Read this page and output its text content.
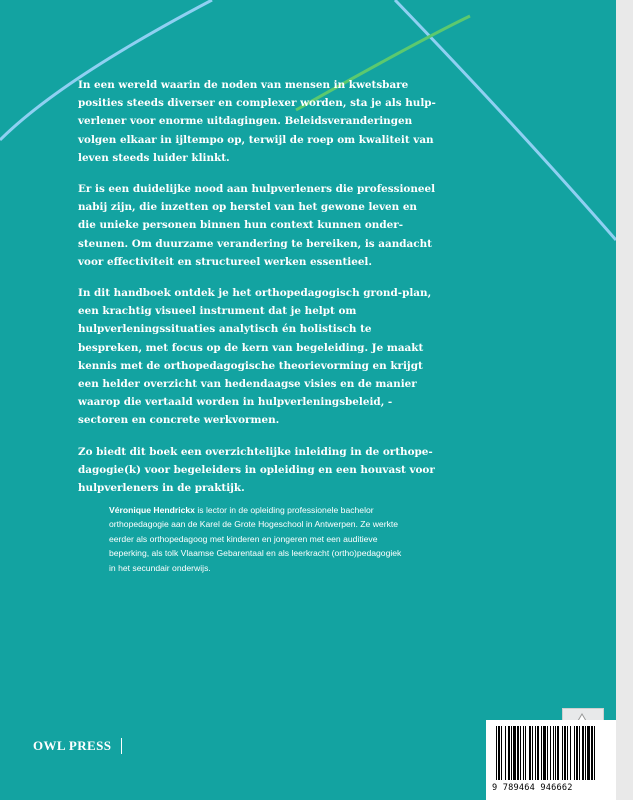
In een wereld waarin de noden van mensen in kwetsbare posities steeds diverser en complexer worden, sta je als hulp-verlener voor enorme uitdagingen. Beleidsveranderingen volgen elkaar in ijltempo op, terwijl de roep om kwaliteit van leven steeds luider klinkt.

Er is een duidelijke nood aan hulpverleners die professioneel nabij zijn, die inzetten op herstel van het gewone leven en die unieke personen binnen hun context kunnen onder-steunen. Om duurzame verandering te bereiken, is aandacht voor effectiviteit en structureel werken essentieel.

In dit handboek ontdek je het orthopedagogisch grond-plan, een krachtig visueel instrument dat je helpt om hulpverleningssituaties analytisch én holistisch te bespreken, met focus op de kern van begeleiding. Je maakt kennis met de orthopedagogische theorievorming en krijgt een helder overzicht van hedendaagse visies en de manier waarop die vertaald worden in hulpverleningsbeleid, -sectoren en concrete werkvormen.

Zo biedt dit boek een overzichtelijke inleiding in de orthope-dagogie(k) voor begeleiders in opleiding en een houvast voor hulpverleners in de praktijk.

Véronique Hendrickx is lector in de opleiding professionele bachelor orthopedagogie aan de Karel de Grote Hogeschool in Antwerpen. Ze werkte eerder als orthopedagoog met kinderen en jongeren met een auditieve beperking, als tolk Vlaamse Gebarentaal en als leerkracht (ortho)pedagogiek in het secundair onderwijs.
OWL PRESS
9 789464 946662
